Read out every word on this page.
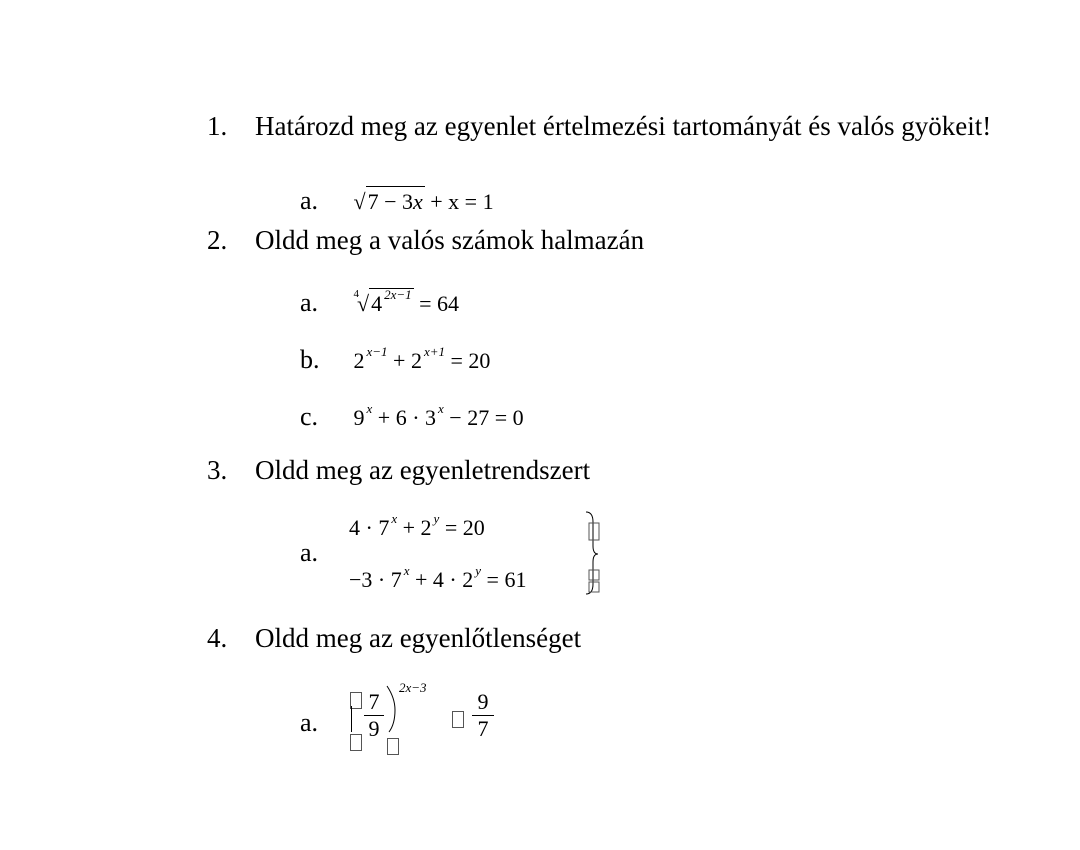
1. Határozd meg az egyenlet értelmezési tartományát és valós gyökeit!
a. √7 − 3x + x = 1
2. Oldd meg a valós számok halmazán
a.	$^4$√4 $^{2x-1}$ = 64
b. 2 $^{x-1}$ + 2 $^{x+1}$ = 20
c. 9 $^x$ + 6 · 3 $^x$ − 27 = 0
3. Oldd meg az egyenletrendszert
a.
4 · 7 $^x$ + 2 $^y$ = 20
−3 · 7 $^x$ + 4 · 2 $^y$ = 61
4. Oldd meg az egyenlőtlenséget
a.
7
9
2x−3
9
7
